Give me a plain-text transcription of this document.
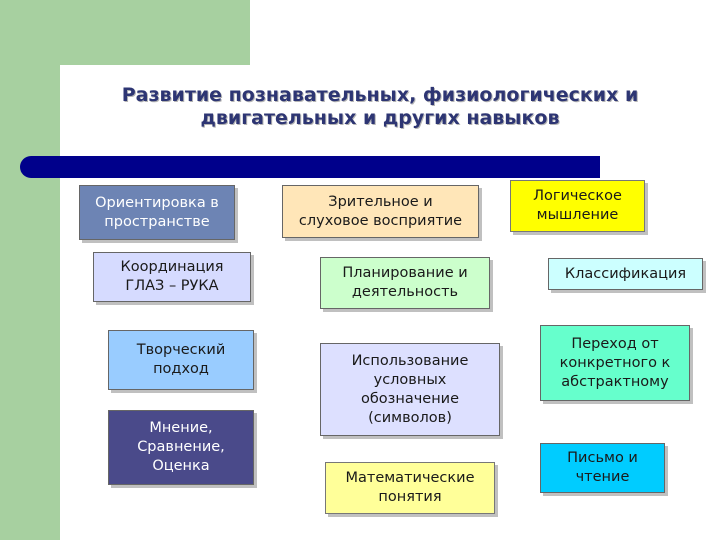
Развитие познавательных, физиологических и
двигательных и других навыков
Ориентировка в
пространстве
Координация
ГЛАЗ – РУКА
Творческий
подход
Мнение,
Сравнение,
Оценка
Зрительное и
слуховое восприятие
Планирование и
деятельность
Использование
условных
обозначение
(символов)
Математические
понятия
Логическое
мышление
Классификация
Переход от
конкретного к
абстрактному
Письмо и
чтение
